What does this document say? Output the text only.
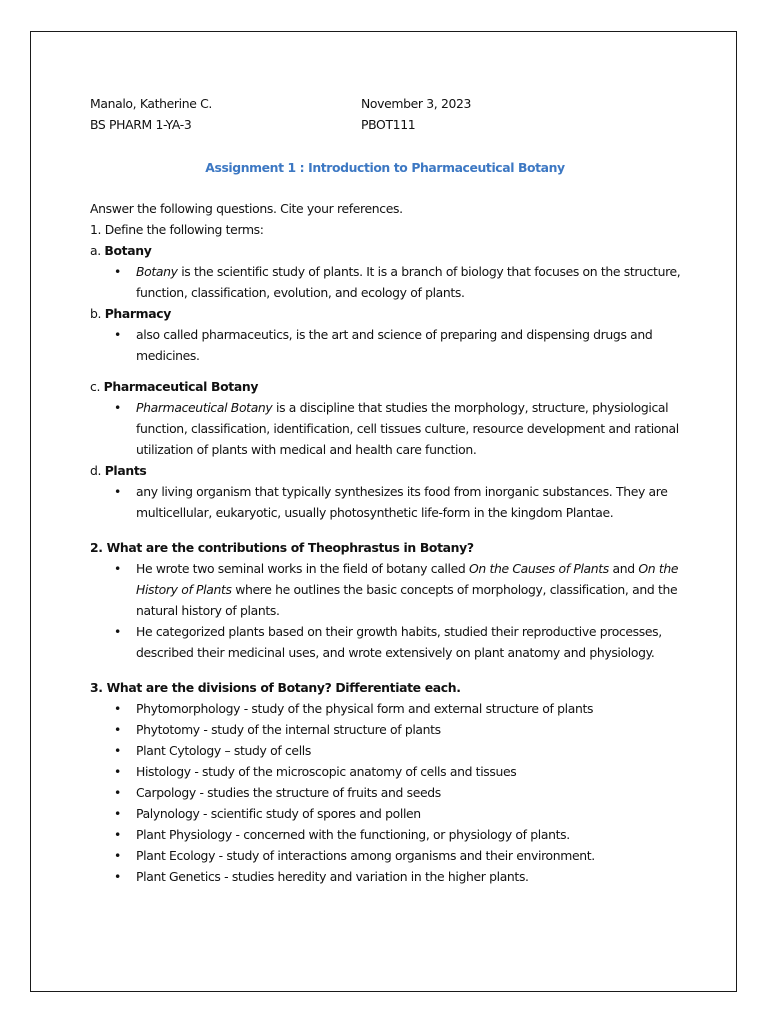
Manalo, Katherine C.	November 3, 2023
BS PHARM 1-YA-3	PBOT111
Assignment 1 : Introduction to Pharmaceutical Botany
Answer the following questions. Cite your references.
1. Define the following terms:
a. Botany
• Botany is the scientific study of plants. It is a branch of biology that focuses on the structure, function, classification, evolution, and ecology of plants.
b. Pharmacy
• also called pharmaceutics, is the art and science of preparing and dispensing drugs and medicines.
c. Pharmaceutical Botany
• Pharmaceutical Botany is a discipline that studies the morphology, structure, physiological function, classification, identification, cell tissues culture, resource development and rational utilization of plants with medical and health care function.
d. Plants
• any living organism that typically synthesizes its food from inorganic substances. They are multicellular, eukaryotic, usually photosynthetic life-form in the kingdom Plantae.
2. What are the contributions of Theophrastus in Botany?
• He wrote two seminal works in the field of botany called On the Causes of Plants and On the History of Plants where he outlines the basic concepts of morphology, classification, and the natural history of plants.
• He categorized plants based on their growth habits, studied their reproductive processes, described their medicinal uses, and wrote extensively on plant anatomy and physiology.
3. What are the divisions of Botany? Differentiate each.
• Phytomorphology - study of the physical form and external structure of plants
• Phytotomy - study of the internal structure of plants
• Plant Cytology – study of cells
• Histology - study of the microscopic anatomy of cells and tissues
• Carpology - studies the structure of fruits and seeds
• Palynology - scientific study of spores and pollen
• Plant Physiology - concerned with the functioning, or physiology of plants.
• Plant Ecology - study of interactions among organisms and their environment.
• Plant Genetics - studies heredity and variation in the higher plants.
